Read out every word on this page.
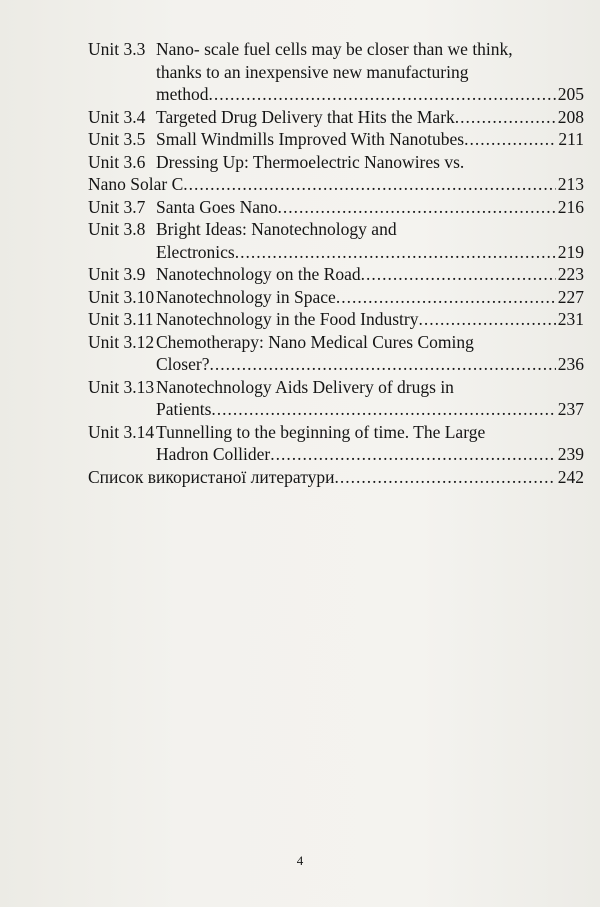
Unit 3.3 Nano- scale fuel cells may be closer than we think,
thanks to an inexpensive new manufacturing
method .....	205
Unit 3.4 Targeted Drug Delivery that Hits the Mark .....	208
Unit 3.5 Small Windmills Improved With Nanotubes .....	211
Unit 3.6 Dressing Up: Thermoelectric Nanowires vs.
Nano Solar C .....	213
Unit 3.7 Santa Goes Nano .....	216
Unit 3.8 Bright Ideas: Nanotechnology and
Electronics .....	219
Unit 3.9 Nanotechnology on the Road .....	223
Unit 3.10 Nanotechnology in Space .....	227
Unit 3.11 Nanotechnology in the Food Industry .....	231
Unit 3.12 Chemotherapy: Nano Medical Cures Coming
Closer? .....	236
Unit 3.13 Nanotechnology Aids Delivery of drugs in
Patients .....	237
Unit 3.14 Tunnelling to the beginning of time. The Large
Hadron Collider .....	239
Список використаної литератури .....	242
4
